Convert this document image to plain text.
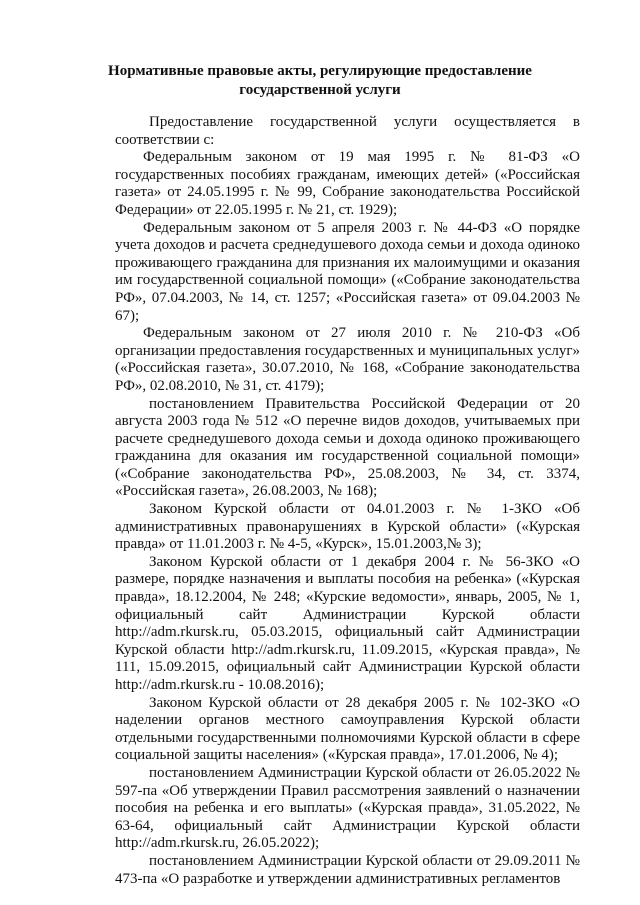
Нормативные правовые акты, регулирующие предоставление
государственной услуги

Предоставление государственной услуги осуществляется в соответствии с:

Федеральным законом от 19 мая 1995 г. № 81-ФЗ «О государственных пособиях гражданам, имеющих детей» («Российская газета» от 24.05.1995 г. № 99, Собрание законодательства Российской Федерации» от 22.05.1995 г. № 21, ст. 1929);

Федеральным законом от 5 апреля 2003 г. № 44-ФЗ «О порядке учета доходов и расчета среднедушевого дохода семьи и дохода одиноко проживающего гражданина для признания их малоимущими и оказания им государственной социальной помощи» («Собрание законодательства РФ», 07.04.2003, № 14, ст. 1257; «Российская газета» от 09.04.2003 № 67);

Федеральным законом от 27 июля 2010 г. № 210-ФЗ «Об организации предоставления государственных и муниципальных услуг» («Российская газета», 30.07.2010, № 168, «Собрание законодательства РФ», 02.08.2010, № 31, ст. 4179);

постановлением Правительства Российской Федерации от 20 августа 2003 года № 512 «О перечне видов доходов, учитываемых при расчете среднедушевого дохода семьи и дохода одиноко проживающего гражданина для оказания им государственной социальной помощи» («Собрание законодательства РФ», 25.08.2003, № 34, ст. 3374, «Российская газета», 26.08.2003, № 168);

Законом Курской области от 04.01.2003 г. № 1-ЗКО «Об административных правонарушениях в Курской области» («Курская правда» от 11.01.2003 г. № 4-5, «Курск», 15.01.2003,№ 3);

Законом Курской области от 1 декабря 2004 г. № 56-ЗКО «О размере, порядке назначения и выплаты пособия на ребенка» («Курская правда», 18.12.2004, № 248; «Курские ведомости», январь, 2005, № 1, официальный сайт Администрации Курской области http://adm.rkursk.ru, 05.03.2015, официальный сайт Администрации Курской области http://adm.rkursk.ru, 11.09.2015, «Курская правда», № 111, 15.09.2015, официальный сайт Администрации Курской области http://adm.rkursk.ru - 10.08.2016);

Законом Курской области от 28 декабря 2005 г. № 102-ЗКО «О наделении органов местного самоуправления Курской области отдельными государственными полномочиями Курской области в сфере социальной защиты населения» («Курская правда», 17.01.2006, № 4);

постановлением Администрации Курской области от 26.05.2022 № 597-па «Об утверждении Правил рассмотрения заявлений о назначении пособия на ребенка и его выплаты» («Курская правда», 31.05.2022, № 63-64, официальный сайт Администрации Курской области http://adm.rkursk.ru, 26.05.2022);

постановлением Администрации Курской области от 29.09.2011 № 473-па «О разработке и утверждении административных регламентов
